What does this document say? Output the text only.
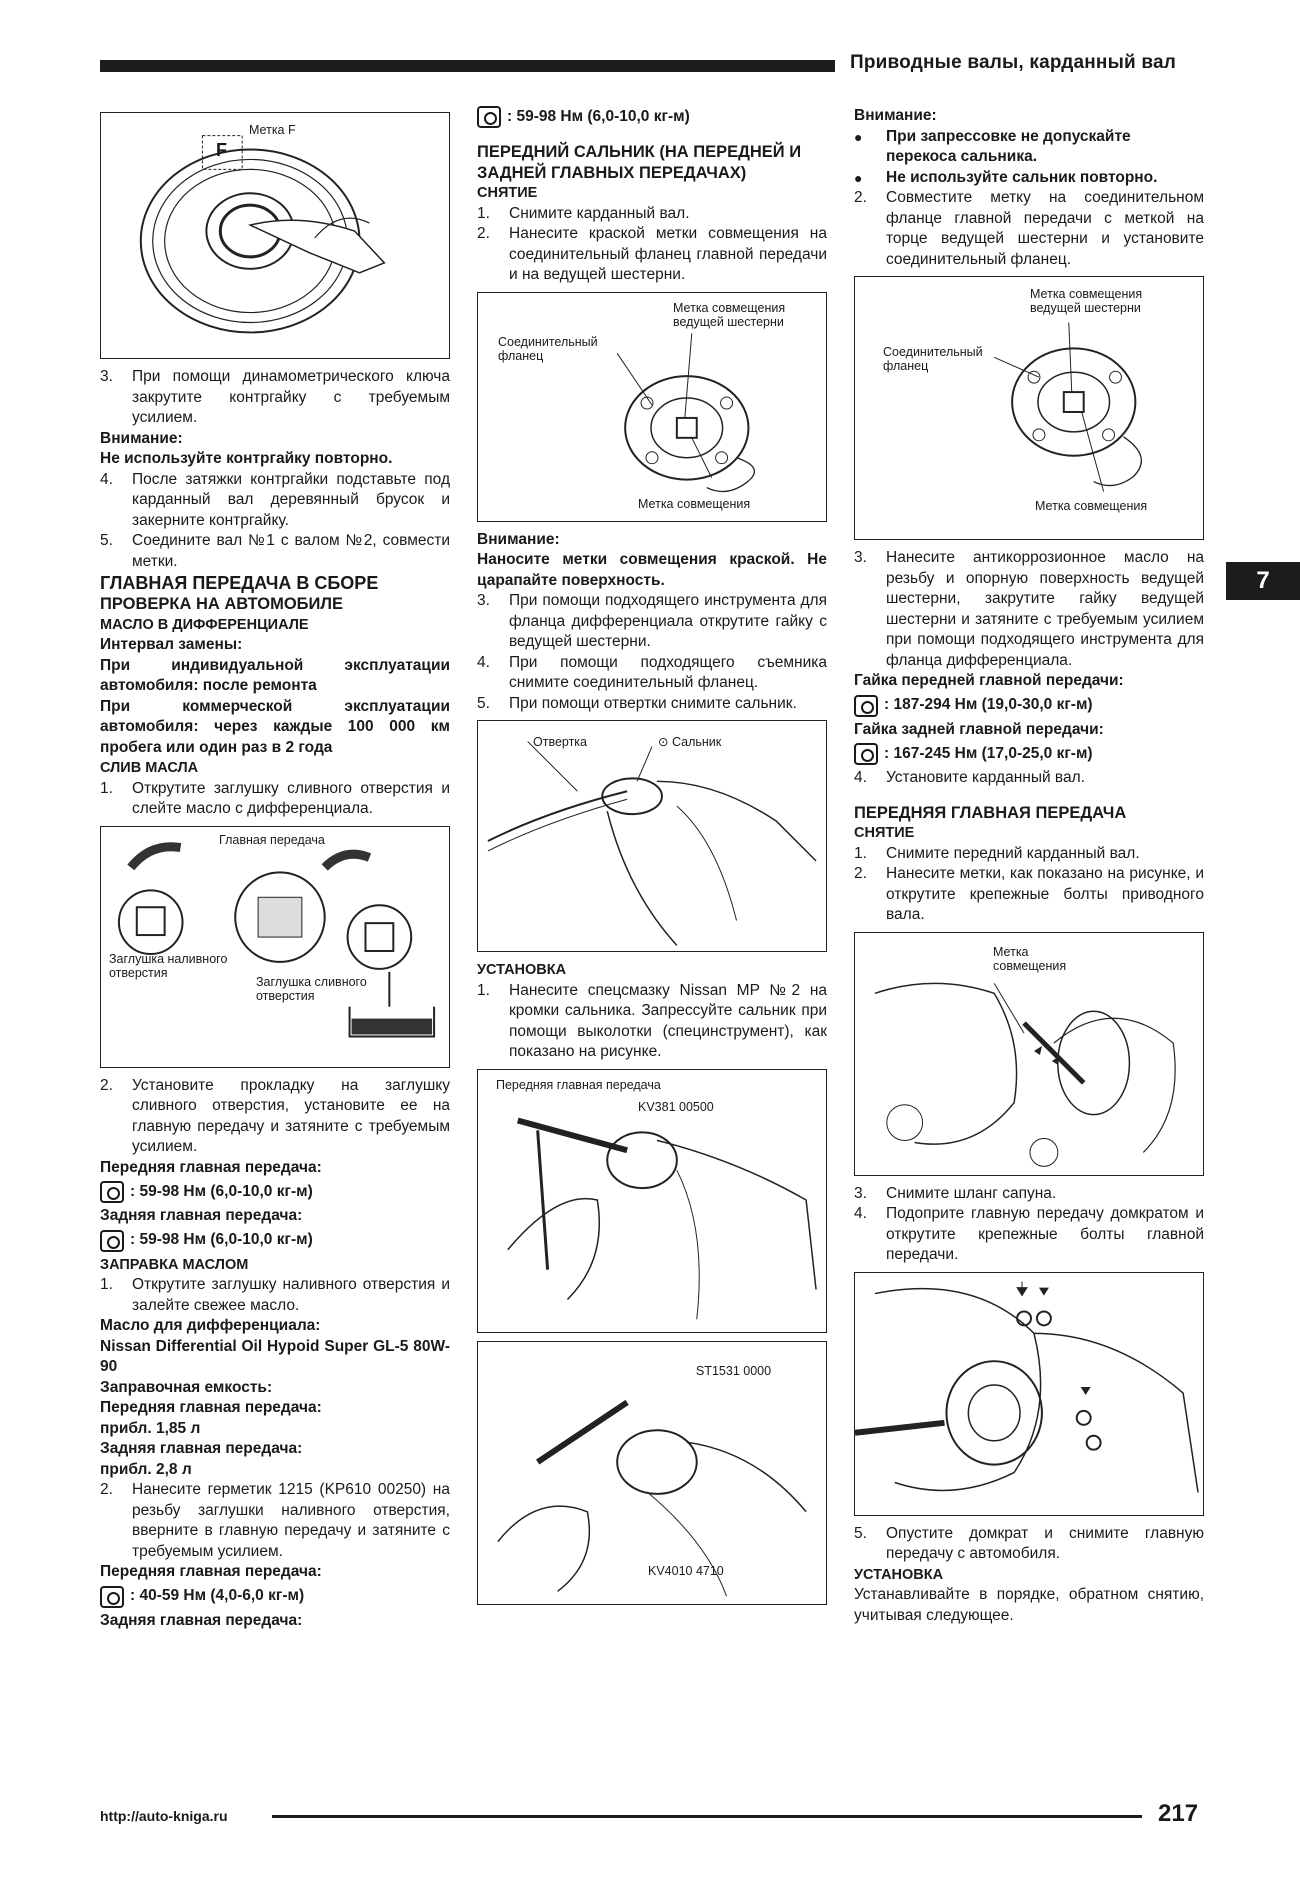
Приводные валы, карданный вал
Метка F
F
3.	При помощи динамометрического ключа закрутите контргайку с требуемым усилием.

Внимание:

Не используйте контргайку повторно.

4.	После затяжки контргайки подставьте под карданный вал деревянный брусок и закерните контргайку.
5.	Соедините вал №1 с валом №2, совмести метки.

ГЛАВНАЯ ПЕРЕДАЧА В СБОРЕ

ПРОВЕРКА НА АВТОМОБИЛЕ

МАСЛО В ДИФФЕРЕНЦИАЛЕ

Интервал замены:

При индивидуальной эксплуатации автомобиля: после ремонта

При коммерческой эксплуатации автомобиля: через каждые 100 000 км пробега или один раз в 2 года

СЛИВ МАСЛА

1.	Открутите заглушку сливного отверстия и слейте масло с дифференциала.
Главная передача
Заглушка наливного отверстия
Заглушка сливного отверстия
2.	Установите прокладку на заглушку сливного отверстия, установите ее на главную передачу и затяните с требуемым усилием.

Передняя главная передача:

: 59-98 Нм (6,0-10,0 кг-м)

Задняя главная передача:

: 59-98 Нм (6,0-10,0 кг-м)

ЗАПРАВКА МАСЛОМ

1.	Открутите заглушку наливного отверстия и залейте свежее масло.

Масло для дифференциала:

Nissan Differential Oil Hypoid Super GL-5 80W-90

Заправочная емкость:

Передняя главная передача:

прибл. 1,85 л

Задняя главная передача:

прибл. 2,8 л

2.	Нанесите герметик 1215 (KP610 00250) на резьбу заглушки наливного отверстия, вверните в главную передачу и затяните с требуемым усилием.

Передняя главная передача:

: 40-59 Нм (4,0-6,0 кг-м)

Задняя главная передача:

: 59-98 Нм (6,0-10,0 кг-м)

ПЕРЕДНИЙ САЛЬНИК (НА ПЕРЕДНЕЙ И ЗАДНЕЙ ГЛАВНЫХ ПЕРЕДАЧАХ)

СНЯТИЕ

1.	Снимите карданный вал.
2.	Нанесите краской метки совмещения на соединительный фланец главной передачи и на ведущей шестерни.
Метка совмещения ведущей шестерни
Соединительный фланец
Метка совмещения

Внимание:

Наносите метки совмещения краской. Не царапайте поверхность.

3.	При помощи подходящего инструмента для фланца дифференциала открутите гайку с ведущей шестерни.
4.	При помощи подходящего съемника снимите соединительный фланец.
5.	При помощи отвертки снимите сальник.
Отвертка	⊙ Сальник

УСТАНОВКА

1.	Нанесите спецсмазку Nissan MP №2 на кромки сальника. Запрессуйте сальник при помощи выколотки (специнструмент), как показано на рисунке.
Передняя главная передача
KV381 00500
ST1531 0000
KV4010 4710

Внимание:

●	При запрессовке не допускайте перекоса сальника.
●	Не используйте сальник повторно.
2.	Совместите метку на соединительном фланце главной передачи с меткой на торце ведущей шестерни и установите соединительный фланец.
Метка совмещения ведущей шестерни
Соединительный фланец
Метка совмещения
3.	Нанесите антикоррозионное масло на резьбу и опорную поверхность ведущей шестерни, закрутите гайку ведущей шестерни и затяните с требуемым усилием при помощи подходящего инструмента для фланца дифференциала.

Гайка передней главной передачи:

: 187-294 Нм (19,0-30,0 кг-м)

Гайка задней главной передачи:

: 167-245 Нм (17,0-25,0 кг-м)
4.	Установите карданный вал.

ПЕРЕДНЯЯ ГЛАВНАЯ ПЕРЕДАЧА

СНЯТИЕ

1.	Снимите передний карданный вал.
2.	Нанесите метки, как показано на рисунке, и открутите крепежные болты приводного вала.
Метка совмещения
3.	Снимите шланг сапуна.
4.	Подоприте главную передачу домкратом и открутите крепежные болты главной передачи.
5.	Опустите домкрат и снимите главную передачу с автомобиля.

УСТАНОВКА

Устанавливайте в порядке, обратном снятию, учитывая следующее.

7
http://auto-kniga.ru	217
